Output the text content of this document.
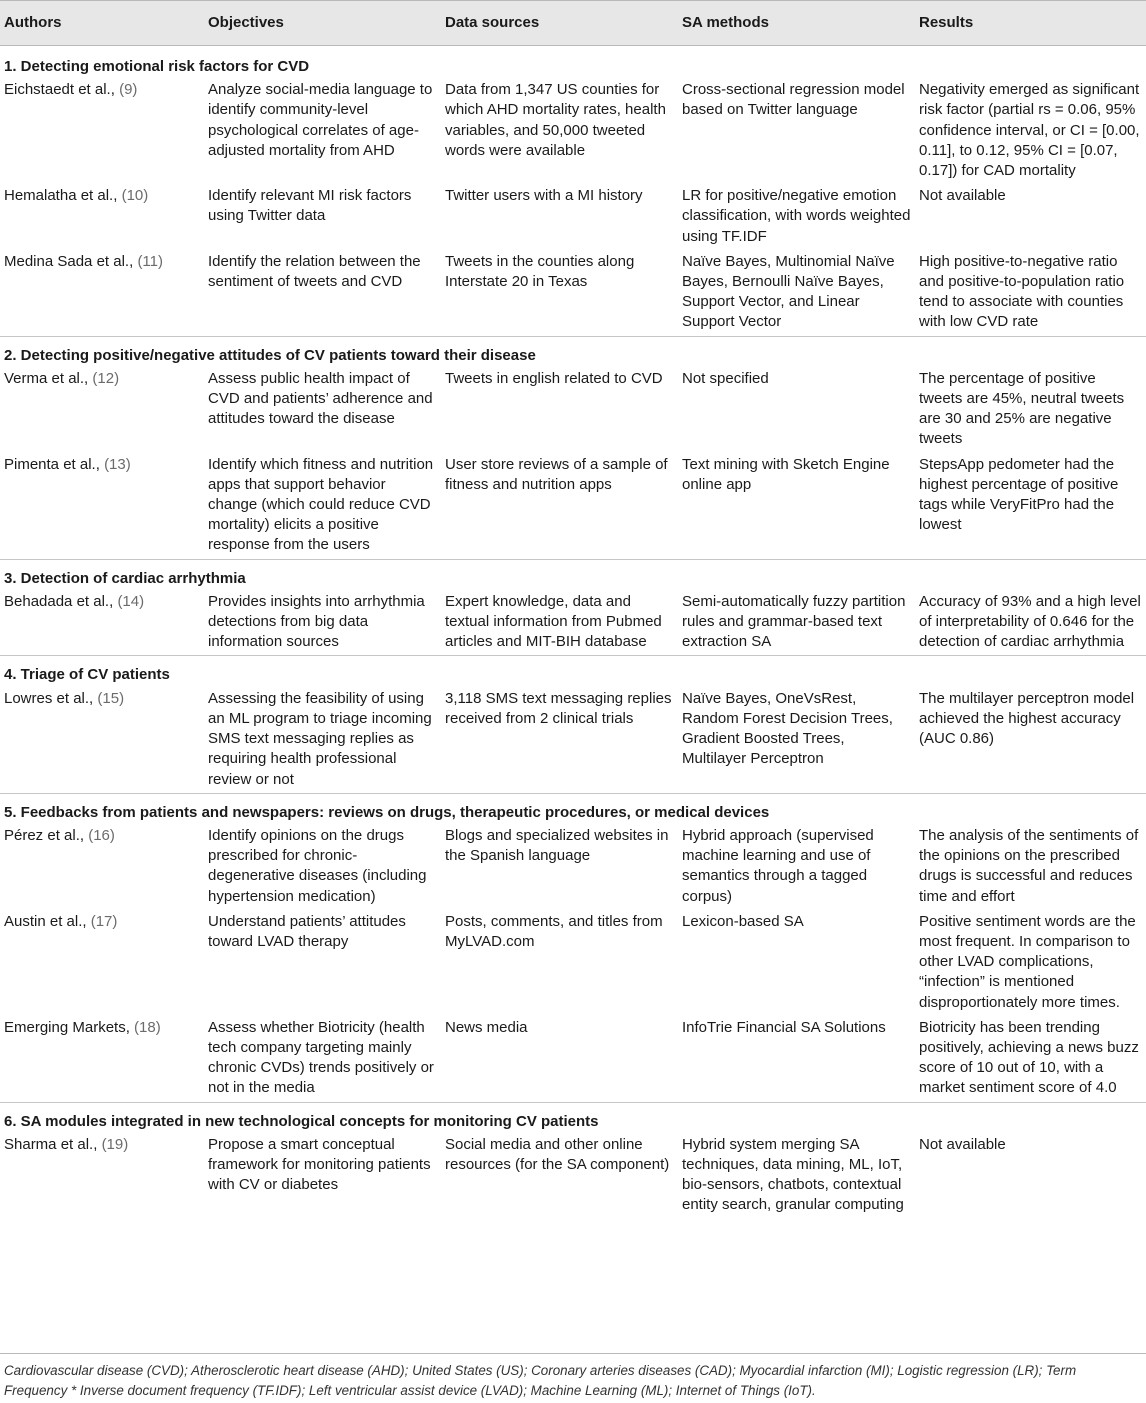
Authors	Objectives	Data sources	SA methods	Results
1. Detecting emotional risk factors for CVD				
Eichstaedt et al., (9)	Analyze social-media language to identify community-level psychological correlates of age-adjusted mortality from AHD	Data from 1,347 US counties for which AHD mortality rates, health variables, and 50,000 tweeted words were available	Cross-sectional regression model based on Twitter language	Negativity emerged as significant risk factor (partial rs = 0.06, 95% confidence interval, or CI = [0.00, 0.11], to 0.12, 95% CI = [0.07, 0.17]) for CAD mortality
Hemalatha et al., (10)	Identify relevant MI risk factors using Twitter data	Twitter users with a MI history	LR for positive/negative emotion classification, with words weighted using TF.IDF	Not available
Medina Sada et al., (11)	Identify the relation between the sentiment of tweets and CVD	Tweets in the counties along Interstate 20 in Texas	Naïve Bayes, Multinomial Naïve Bayes, Bernoulli Naïve Bayes, Support Vector, and Linear Support Vector	High positive-to-negative ratio and positive-to-population ratio tend to associate with counties with low CVD rate
2. Detecting positive/negative attitudes of CV patients toward their disease				
Verma et al., (12)	Assess public health impact of CVD and patients’ adherence and attitudes toward the disease	Tweets in english related to CVD	Not specified	The percentage of positive tweets are 45%, neutral tweets are 30 and 25% are negative tweets
Pimenta et al., (13)	Identify which fitness and nutrition apps that support behavior change (which could reduce CVD mortality) elicits a positive response from the users	User store reviews of a sample of fitness and nutrition apps	Text mining with Sketch Engine online app	StepsApp pedometer had the highest percentage of positive tags while VeryFitPro had the lowest
3. Detection of cardiac arrhythmia				
Behadada et al., (14)	Provides insights into arrhythmia detections from big data information sources	Expert knowledge, data and textual information from Pubmed articles and MIT-BIH database	Semi-automatically fuzzy partition rules and grammar-based text extraction SA	Accuracy of 93% and a high level of interpretability of 0.646 for the detection of cardiac arrhythmia
4. Triage of CV patients				
Lowres et al., (15)	Assessing the feasibility of using an ML program to triage incoming SMS text messaging replies as requiring health professional review or not	3,118 SMS text messaging replies received from 2 clinical trials	Naïve Bayes, OneVsRest, Random Forest Decision Trees, Gradient Boosted Trees, Multilayer Perceptron	The multilayer perceptron model achieved the highest accuracy (AUC 0.86)
5. Feedbacks from patients and newspapers: reviews on drugs, therapeutic procedures, or medical devices				
Pérez et al., (16)	Identify opinions on the drugs prescribed for chronic-degenerative diseases (including hypertension medication)	Blogs and specialized websites in the Spanish language	Hybrid approach (supervised machine learning and use of semantics through a tagged corpus)	The analysis of the sentiments of the opinions on the prescribed drugs is successful and reduces time and effort
Austin et al., (17)	Understand patients’ attitudes toward LVAD therapy	Posts, comments, and titles from MyLVAD.com	Lexicon-based SA	Positive sentiment words are the most frequent. In comparison to other LVAD complications, “infection” is mentioned disproportionately more times.
Emerging Markets, (18)	Assess whether Biotricity (health tech company targeting mainly chronic CVDs) trends positively or not in the media	News media	InfoTrie Financial SA Solutions	Biotricity has been trending positively, achieving a news buzz score of 10 out of 10, with a market sentiment score of 4.0
6. SA modules integrated in new technological concepts for monitoring CV patients				
Sharma et al., (19)	Propose a smart conceptual framework for monitoring patients with CV or diabetes	Social media and other online resources (for the SA component)	Hybrid system merging SA techniques, data mining, ML, IoT, bio-sensors, chatbots, contextual entity search, granular computing	Not available
Cardiovascular disease (CVD); Atherosclerotic heart disease (AHD); United States (US); Coronary arteries diseases (CAD); Myocardial infarction (MI); Logistic regression (LR); Term Frequency * Inverse document frequency (TF.IDF); Left ventricular assist device (LVAD); Machine Learning (ML); Internet of Things (IoT).
